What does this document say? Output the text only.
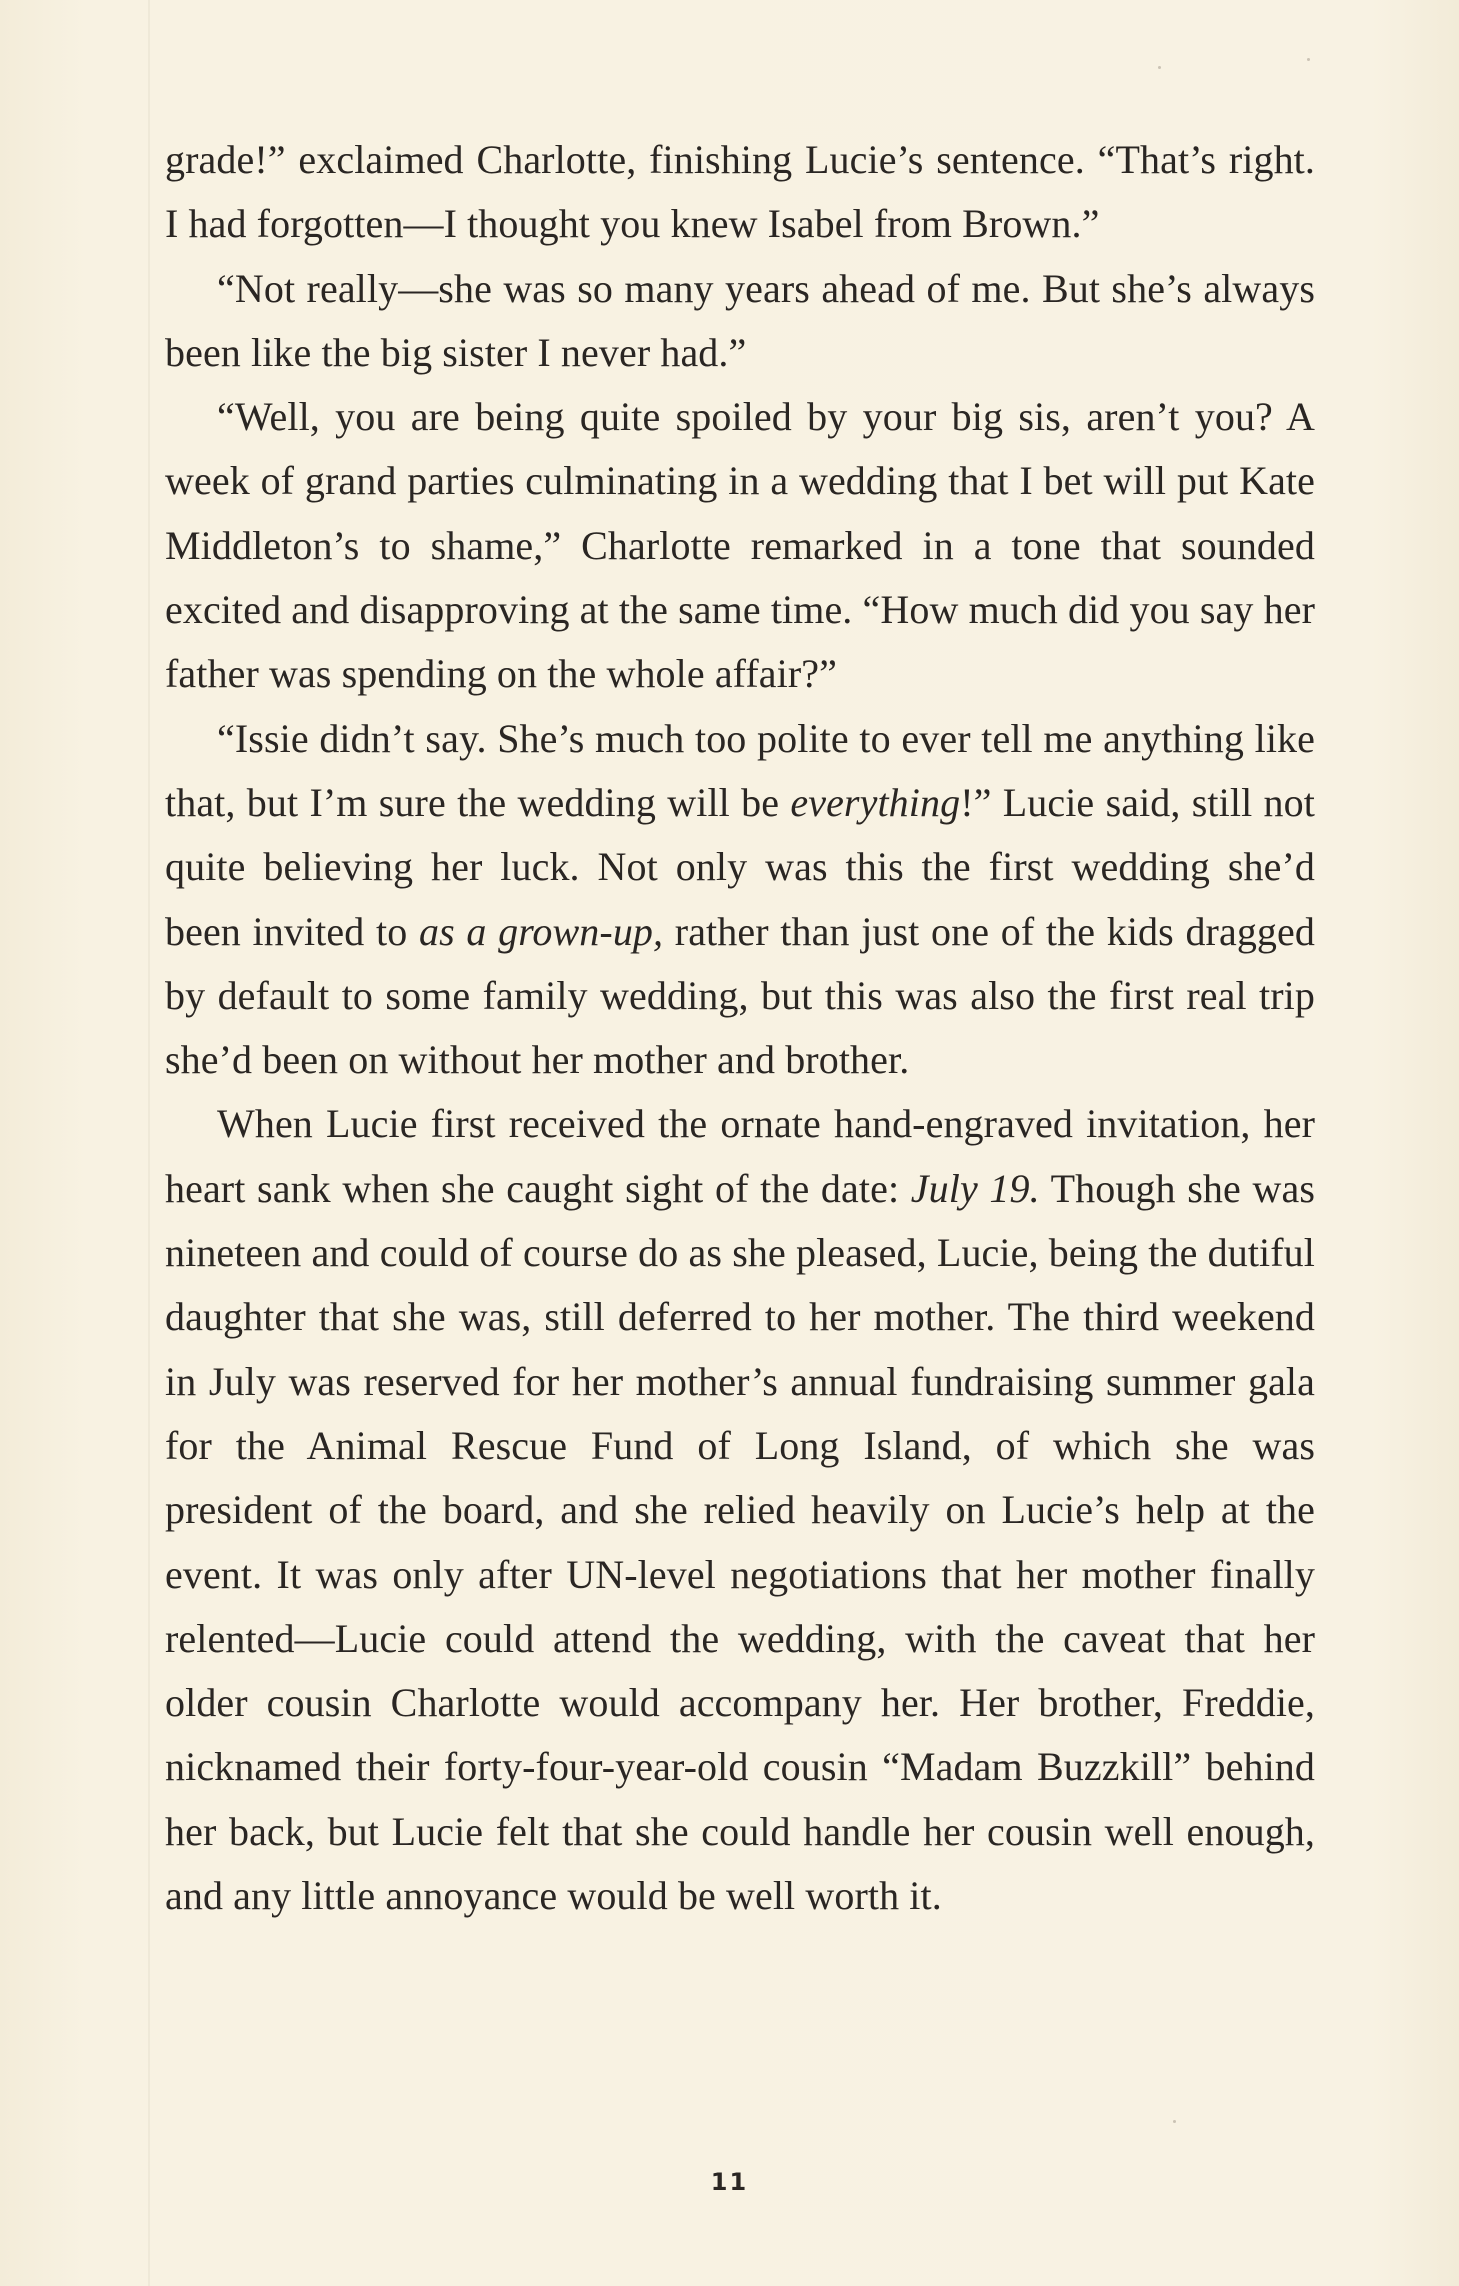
grade!” exclaimed Charlotte, finishing Lucie’s sentence. “That’s right. I had forgotten—I thought you knew Isabel from Brown.”

“Not really—she was so many years ahead of me. But she’s always been like the big sister I never had.”

“Well, you are being quite spoiled by your big sis, aren’t you? A week of grand parties culminating in a wedding that I bet will put Kate Middleton’s to shame,” Charlotte remarked in a tone that sounded excited and disapproving at the same time. “How much did you say her father was spending on the whole affair?”

“Issie didn’t say. She’s much too polite to ever tell me anything like that, but I’m sure the wedding will be everything!” Lucie said, still not quite believing her luck. Not only was this the first wedding she’d been invited to as a grown-up, rather than just one of the kids dragged by default to some family wedding, but this was also the first real trip she’d been on without her mother and brother.

When Lucie first received the ornate hand-engraved invitation, her heart sank when she caught sight of the date: July 19. Though she was nineteen and could of course do as she pleased, Lucie, being the dutiful daughter that she was, still deferred to her mother. The third weekend in July was reserved for her mother’s annual fundraising summer gala for the Animal Rescue Fund of Long Island, of which she was president of the board, and she relied heavily on Lucie’s help at the event. It was only after UN-level negotiations that her mother finally relented—Lucie could attend the wedding, with the caveat that her older cousin Charlotte would accompany her. Her brother, Freddie, nicknamed their forty-four-year-old cousin “Madam Buzzkill” behind her back, but Lucie felt that she could handle her cousin well enough, and any little annoyance would be well worth it.

11
